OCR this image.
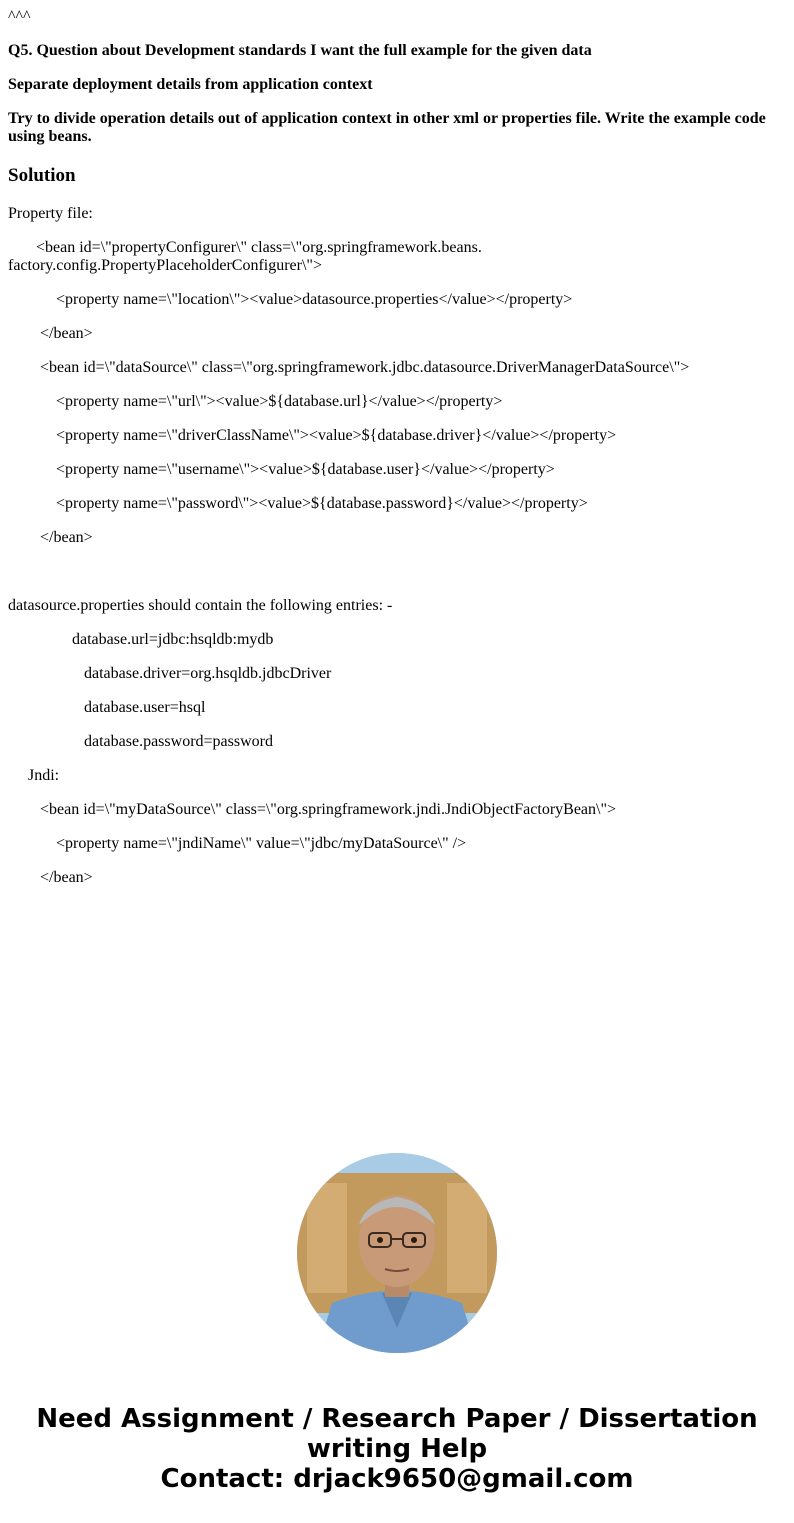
^^^
Q5. Question about Development standards I want the full example for the given data
Separate deployment details from application context
Try to divide operation details out of application context in other xml or properties file. Write the example code using beans.
Solution
Property file:
<bean id=\"propertyConfigurer\" class=\"org.springframework.beans.
factory.config.PropertyPlaceholderConfigurer\">
<property name=\"location\"><value>datasource.properties</value></property>
</bean>
<bean id=\"dataSource\" class=\"org.springframework.jdbc.datasource.DriverManagerDataSource\">
<property name=\"url\"><value>${database.url}</value></property>
<property name=\"driverClassName\"><value>${database.driver}</value></property>
<property name=\"username\"><value>${database.user}</value></property>
<property name=\"password\"><value>${database.password}</value></property>
</bean>
datasource.properties should contain the following entries: -
database.url=jdbc:hsqldb:mydb
database.driver=org.hsqldb.jdbcDriver
database.user=hsql
database.password=password
Jndi:
<bean id=\"myDataSource\" class=\"org.springframework.jndi.JndiObjectFactoryBean\">
<property name=\"jndiName\" value=\"jdbc/myDataSource\" />
</bean>
Need Assignment / Research Paper / Dissertation
writing Help
Contact: drjack9650@gmail.com
